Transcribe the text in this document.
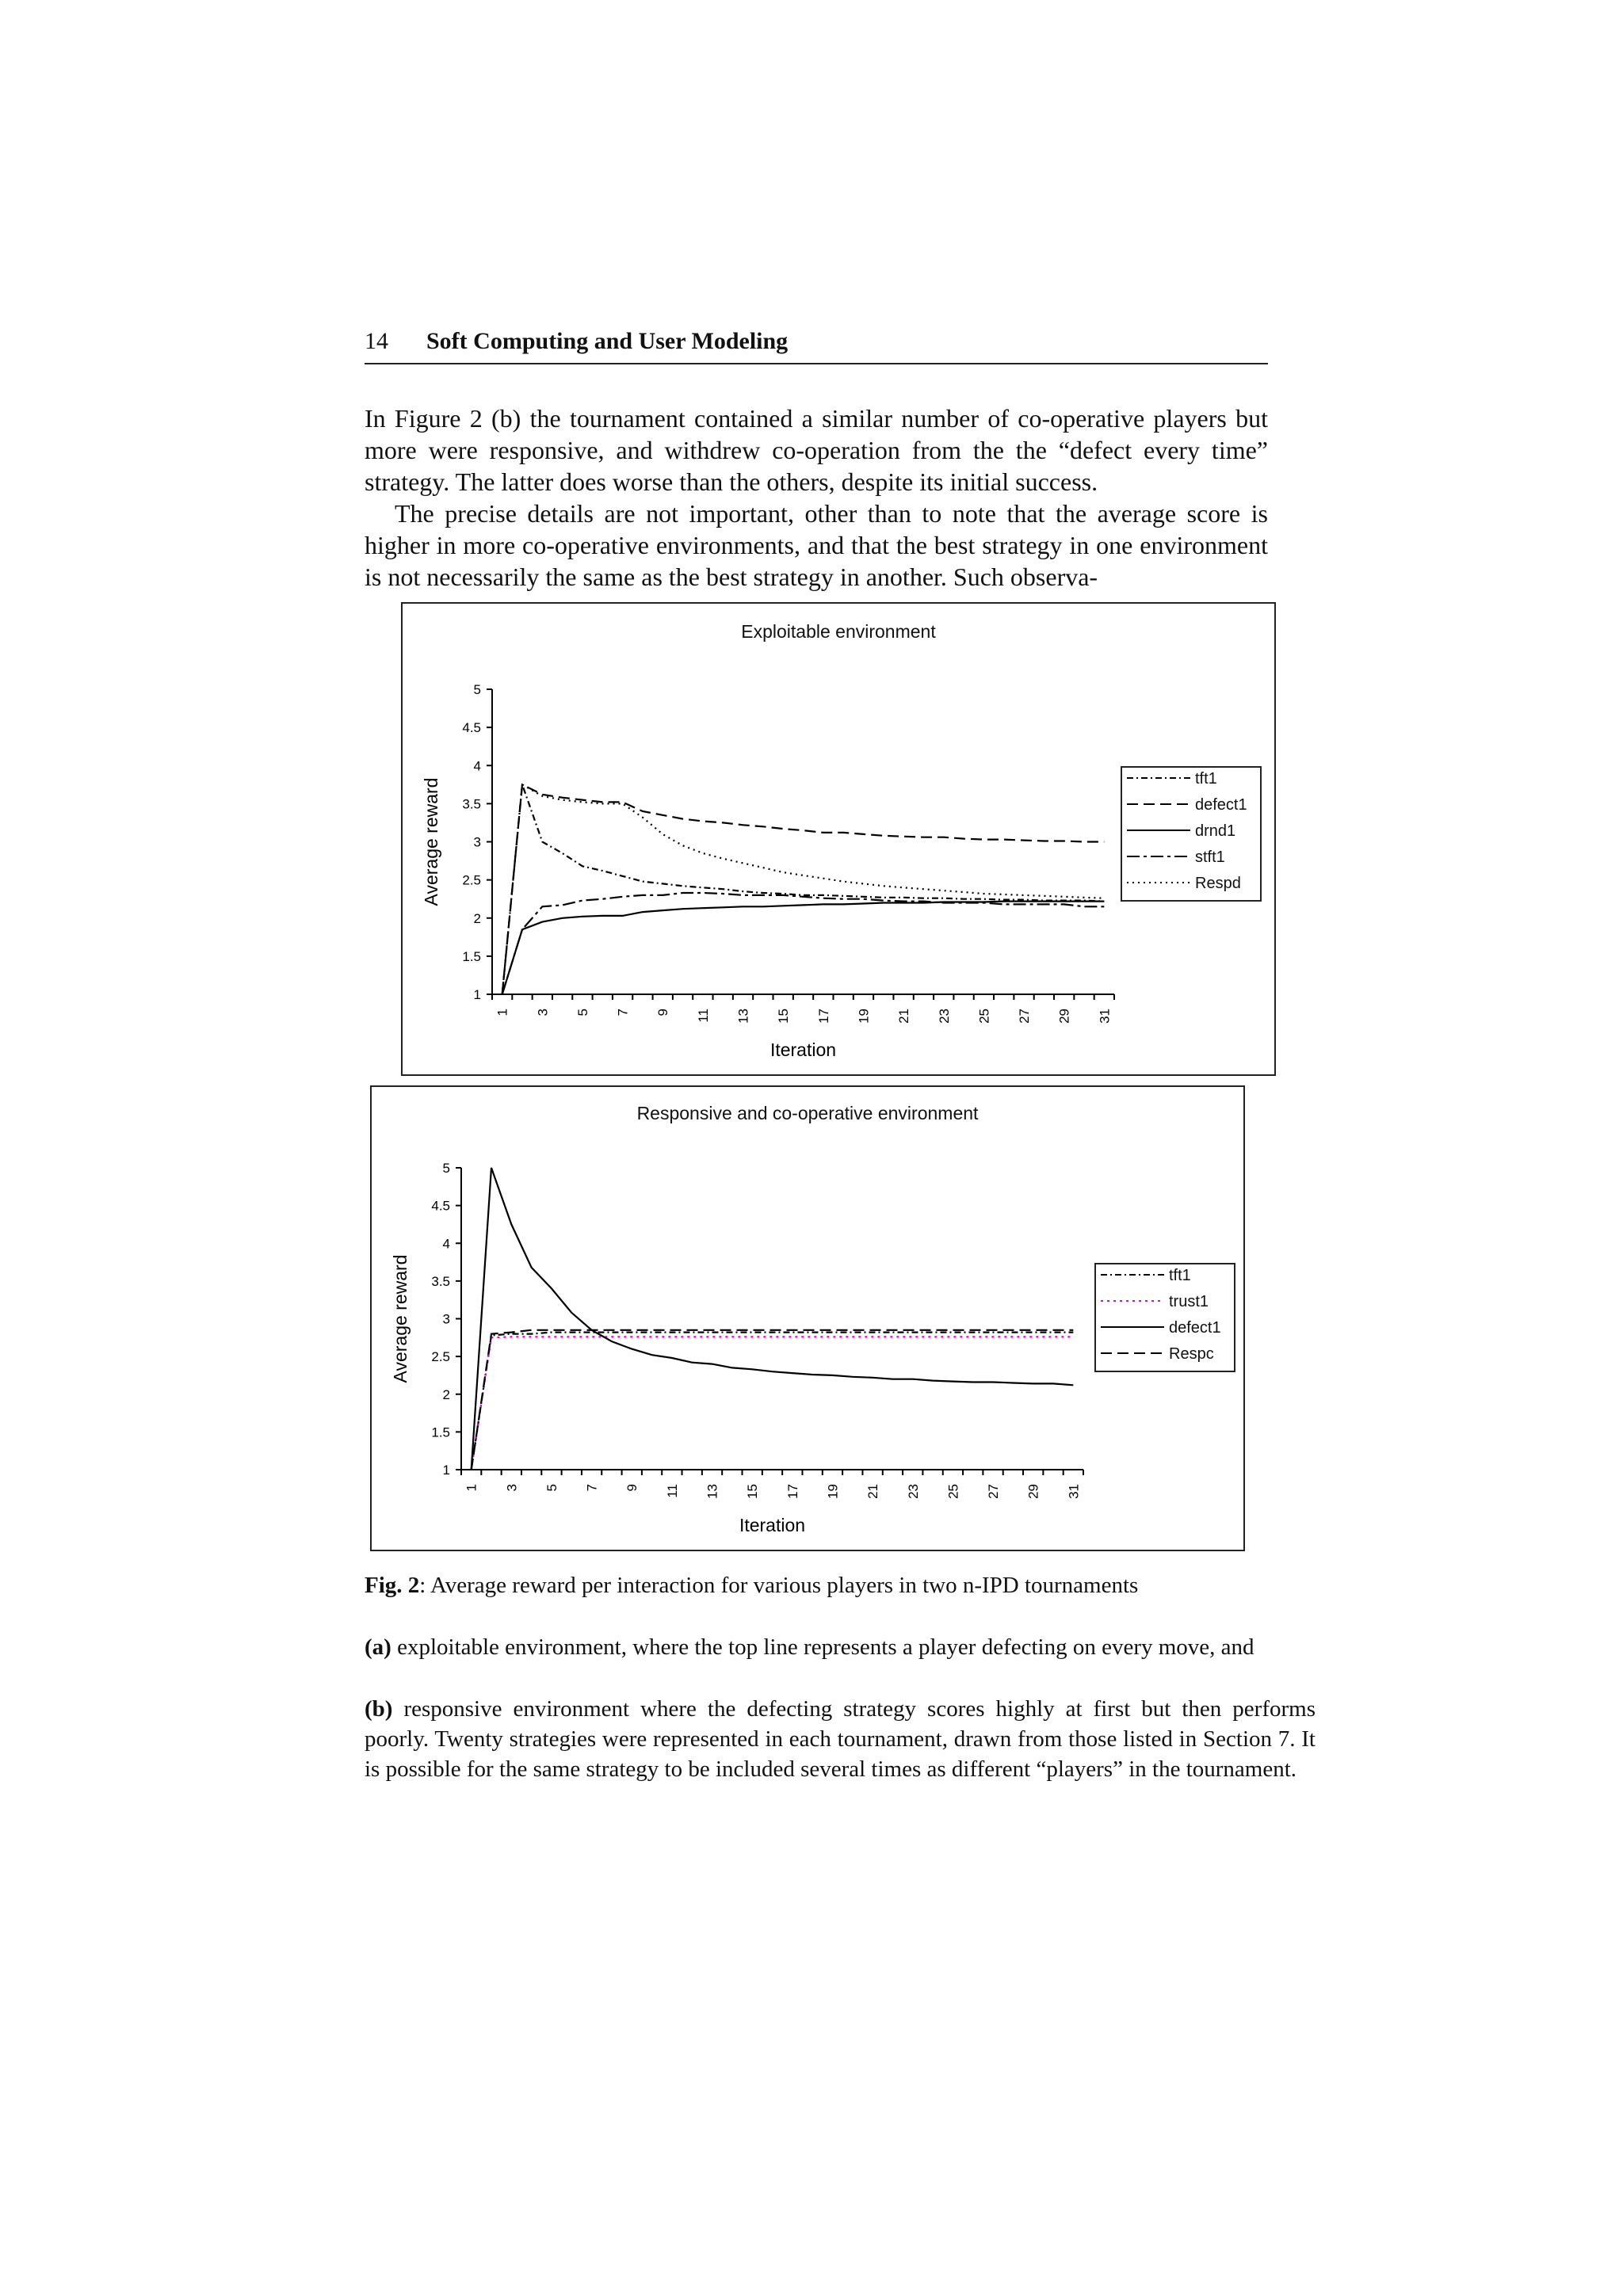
14 Soft Computing and User Modeling

In Figure 2 (b) the tournament contained a similar number of co-operative players but more were responsive, and withdrew co-operation from the the “defect every time” strategy. The latter does worse than the others, despite its initial success.

The precise details are not important, other than to note that the average score is higher in more co-operative environments, and that the best strategy in one environment is not necessarily the same as the best strategy in another. Such observa-

Exploitable environment
1
1.5
2
2.5
3
3.5
4
4.5
5
1 3 5 7 9 11 13 15 17 19 21 23 25 27 29 31
Iteration
Average reward	tft1
defect1
drnd1
stft1
Respd
Responsive and co-operative environment
1
1.5
2
2.5
3
3.5
4
4.5
5
1 3 5 7 9 11 13 15 17 19 21 23 25 27 29 31
Iteration
Average reward	tft1
trust1
defect1
Respc

Fig. 2: Average reward per interaction for various players in two n-IPD tournaments

(a) exploitable environment, where the top line represents a player defecting on every move, and

(b) responsive environment where the defecting strategy scores highly at first but then performs poorly. Twenty strategies were represented in each tournament, drawn from those listed in Section 7. It is possible for the same strategy to be included several times as different “players” in the tournament.
